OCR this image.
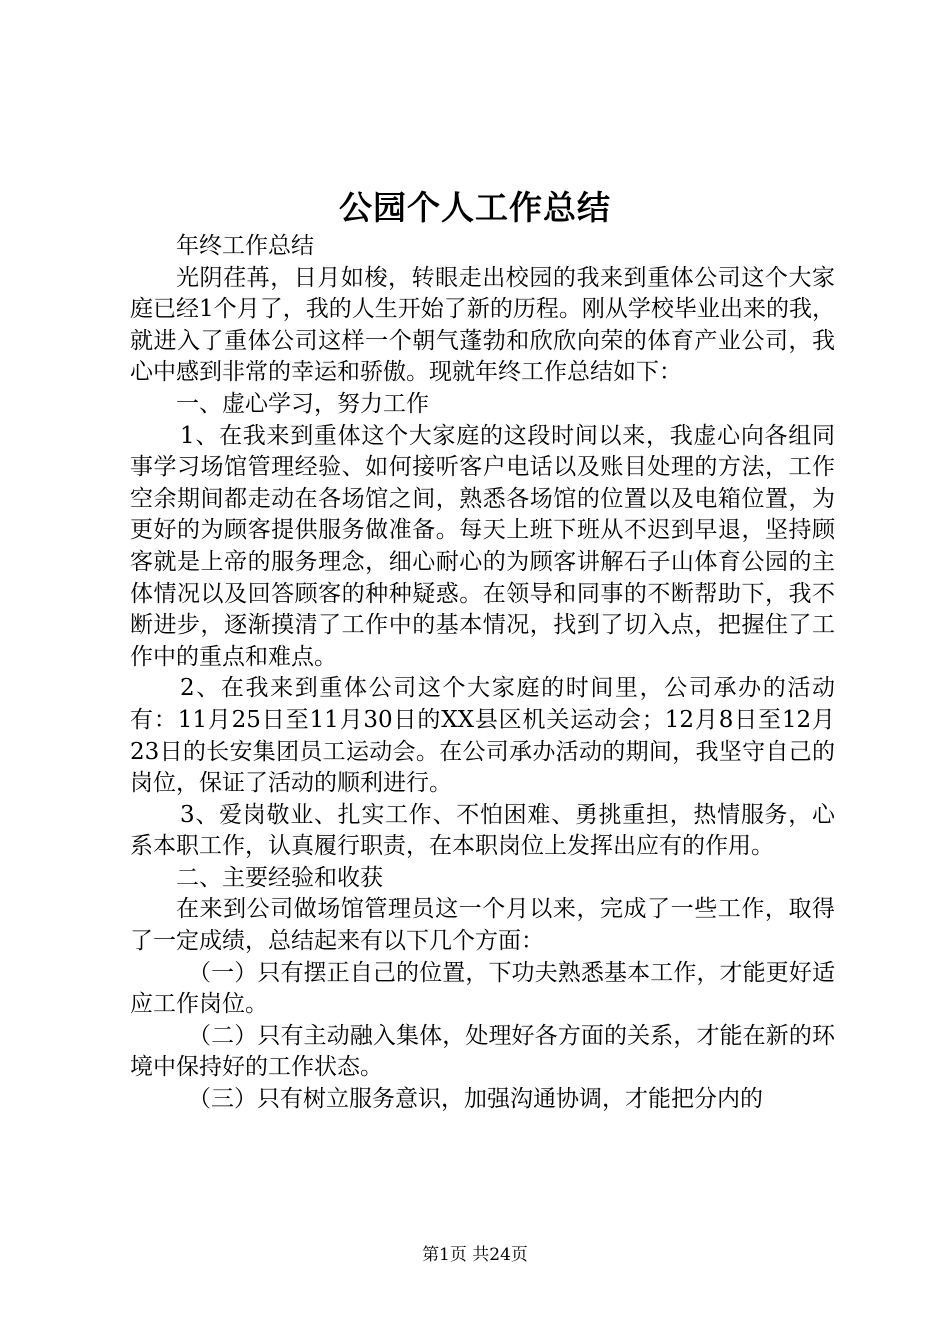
公园个人工作总结

年终工作总结

光阴荏苒，日月如梭，转眼走出校园的我来到重体公司这个大家庭已经1个月了，我的人生开始了新的历程。刚从学校毕业出来的我，就进入了重体公司这样一个朝气蓬勃和欣欣向荣的体育产业公司，我心中感到非常的幸运和骄傲。现就年终工作总结如下：

一、虚心学习，努力工作

1、在我来到重体这个大家庭的这段时间以来，我虚心向各组同事学习场馆管理经验、如何接听客户电话以及账目处理的方法，工作空余期间都走动在各场馆之间，熟悉各场馆的位置以及电箱位置，为更好的为顾客提供服务做准备。每天上班下班从不迟到早退，坚持顾客就是上帝的服务理念，细心耐心的为顾客讲解石子山体育公园的主体情况以及回答顾客的种种疑惑。在领导和同事的不断帮助下，我不断进步，逐渐摸清了工作中的基本情况，找到了切入点，把握住了工作中的重点和难点。

2、在我来到重体公司这个大家庭的时间里，公司承办的活动有：11月25日至11月30日的XX县区机关运动会；12月8日至12月23日的长安集团员工运动会。在公司承办活动的期间，我坚守自己的岗位，保证了活动的顺利进行。

3、爱岗敬业、扎实工作、不怕困难、勇挑重担，热情服务，心系本职工作，认真履行职责，在本职岗位上发挥出应有的作用。

二、主要经验和收获

在来到公司做场馆管理员这一个月以来，完成了一些工作，取得了一定成绩，总结起来有以下几个方面：

（一）只有摆正自己的位置，下功夫熟悉基本工作，才能更好适应工作岗位。

（二）只有主动融入集体，处理好各方面的关系，才能在新的环境中保持好的工作状态。

（三）只有树立服务意识，加强沟通协调，才能把分内的

第1页 共24页
